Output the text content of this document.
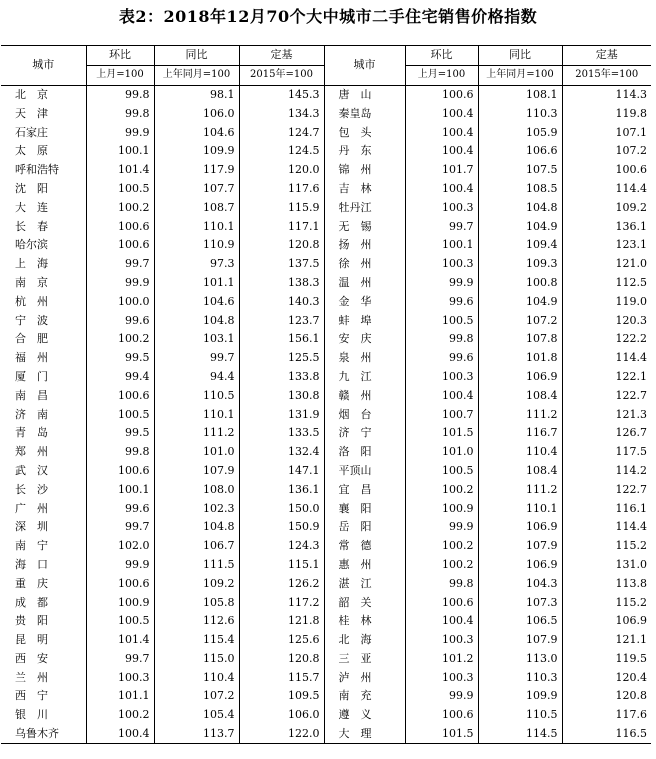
表2：2018年12月70个大中城市二手住宅销售价格指数
城市	环比	同比	定基	城市	环比	同比	定基
	上月=100	上年同月=100	2015年=100		上月=100	上年同月=100	2015年=100
北　京	99.8	98.1	145.3	唐　山	100.6	108.1	114.3
天　津	99.8	106.0	134.3	秦皇岛	100.4	110.3	119.8
石家庄	99.9	104.6	124.7	包　头	100.4	105.9	107.1
太　原	100.1	109.9	124.5	丹　东	100.4	106.6	107.2
呼和浩特	101.4	117.9	120.0	锦　州	101.7	107.5	100.6
沈　阳	100.5	107.7	117.6	吉　林	100.4	108.5	114.4
大　连	100.2	108.7	115.9	牡丹江	100.3	104.8	109.2
长　春	100.6	110.1	117.1	无　锡	99.7	104.9	136.1
哈尔滨	100.6	110.9	120.8	扬　州	100.1	109.4	123.1
上　海	99.7	97.3	137.5	徐　州	100.3	109.3	121.0
南　京	99.9	101.1	138.3	温　州	99.9	100.8	112.5
杭　州	100.0	104.6	140.3	金　华	99.6	104.9	119.0
宁　波	99.6	104.8	123.7	蚌　埠	100.5	107.2	120.3
合　肥	100.2	103.1	156.1	安　庆	99.8	107.8	122.2
福　州	99.5	99.7	125.5	泉　州	99.6	101.8	114.4
厦　门	99.4	94.4	133.8	九　江	100.3	106.9	122.1
南　昌	100.6	110.5	130.8	赣　州	100.4	108.4	122.7
济　南	100.5	110.1	131.9	烟　台	100.7	111.2	121.3
青　岛	99.5	111.2	133.5	济　宁	101.5	116.7	126.7
郑　州	99.8	101.0	132.4	洛　阳	101.0	110.4	117.5
武　汉	100.6	107.9	147.1	平顶山	100.5	108.4	114.2
长　沙	100.1	108.0	136.1	宜　昌	100.2	111.2	122.7
广　州	99.6	102.3	150.0	襄　阳	100.9	110.1	116.1
深　圳	99.7	104.8	150.9	岳　阳	99.9	106.9	114.4
南　宁	102.0	106.7	124.3	常　德	100.2	107.9	115.2
海　口	99.9	111.5	115.1	惠　州	100.2	106.9	131.0
重　庆	100.6	109.2	126.2	湛　江	99.8	104.3	113.8
成　都	100.9	105.8	117.2	韶　关	100.6	107.3	115.2
贵　阳	100.5	112.6	121.8	桂　林	100.4	106.5	106.9
昆　明	101.4	115.4	125.6	北　海	100.3	107.9	121.1
西　安	99.7	115.0	120.8	三　亚	101.2	113.0	119.5
兰　州	100.3	110.4	115.7	泸　州	100.3	110.3	120.4
西　宁	101.1	107.2	109.5	南　充	99.9	109.9	120.8
银　川	100.2	105.4	106.0	遵　义	100.6	110.5	117.6
乌鲁木齐	100.4	113.7	122.0	大　理	101.5	114.5	116.5
